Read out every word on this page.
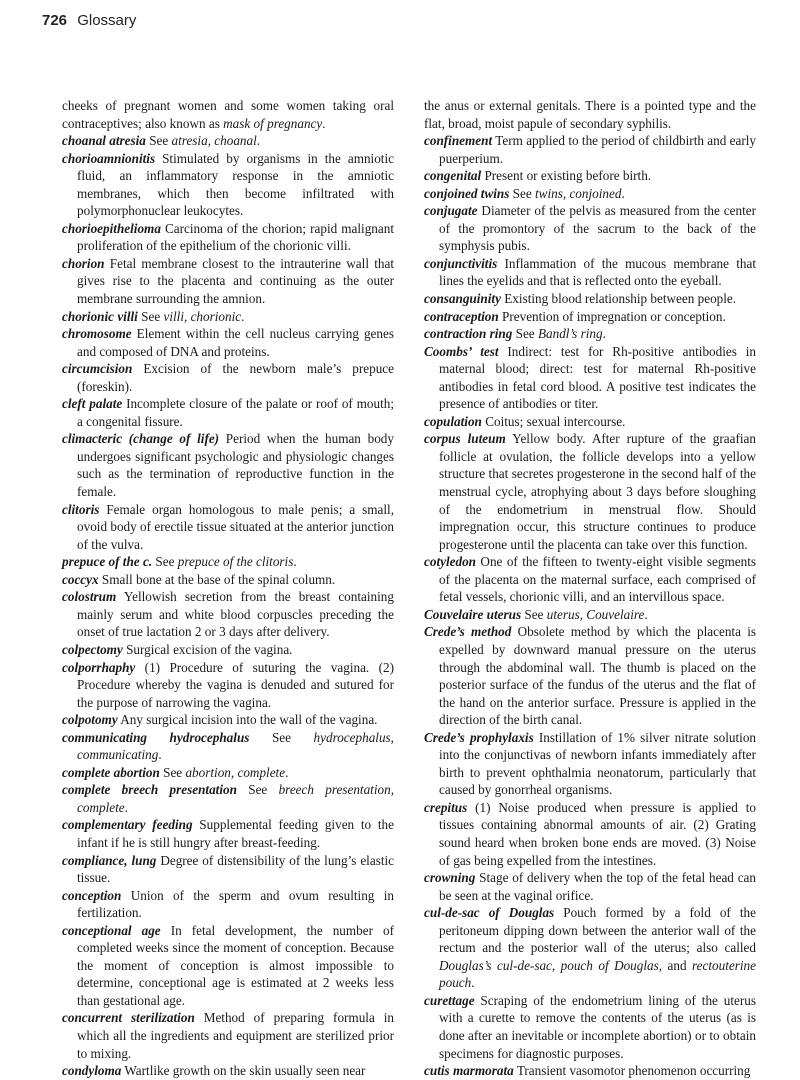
726 Glossary

cheeks of pregnant women and some women taking oral contraceptives; also known as mask of pregnancy.

choanal atresia See atresia, choanal.

chorioamnionitis Stimulated by organisms in the amniotic fluid, an inflammatory response in the amniotic membranes, which then become infiltrated with polymorphonuclear leukocytes.

chorioepithelioma Carcinoma of the chorion; rapid malignant proliferation of the epithelium of the chorionic villi.

chorion Fetal membrane closest to the intrauterine wall that gives rise to the placenta and continuing as the outer membrane surrounding the amnion.

chorionic villi See villi, chorionic.

chromosome Element within the cell nucleus carrying genes and composed of DNA and proteins.

circumcision Excision of the newborn male’s prepuce (foreskin).

cleft palate Incomplete closure of the palate or roof of mouth; a congenital fissure.

climacteric (change of life) Period when the human body undergoes significant psychologic and physiologic changes such as the termination of reproductive function in the female.

clitoris Female organ homologous to male penis; a small, ovoid body of erectile tissue situated at the anterior junction of the vulva.

prepuce of the c. See prepuce of the clitoris.

coccyx Small bone at the base of the spinal column.

colostrum Yellowish secretion from the breast containing mainly serum and white blood corpuscles preceding the onset of true lactation 2 or 3 days after delivery.

colpectomy Surgical excision of the vagina.

colporrhaphy (1) Procedure of suturing the vagina. (2) Procedure whereby the vagina is denuded and sutured for the purpose of narrowing the vagina.

colpotomy Any surgical incision into the wall of the vagina.

communicating hydrocephalus See hydrocephalus, communicating.

complete abortion See abortion, complete.

complete breech presentation See breech presentation, complete.

complementary feeding Supplemental feeding given to the infant if he is still hungry after breast-feeding.

compliance, lung Degree of distensibility of the lung’s elastic tissue.

conception Union of the sperm and ovum resulting in fertilization.

conceptional age In fetal development, the number of completed weeks since the moment of conception. Because the moment of conception is almost impossible to determine, conceptional age is estimated at 2 weeks less than gestational age.

concurrent sterilization Method of preparing formula in which all the ingredients and equipment are sterilized prior to mixing.

condyloma Wartlike growth on the skin usually seen near

the anus or external genitals. There is a pointed type and the flat, broad, moist papule of secondary syphilis.

confinement Term applied to the period of childbirth and early puerperium.

congenital Present or existing before birth.

conjoined twins See twins, conjoined.

conjugate Diameter of the pelvis as measured from the center of the promontory of the sacrum to the back of the symphysis pubis.

conjunctivitis Inflammation of the mucous membrane that lines the eyelids and that is reflected onto the eyeball.

consanguinity Existing blood relationship between people.

contraception Prevention of impregnation or conception.

contraction ring See Bandl’s ring.

Coombs’ test Indirect: test for Rh-positive antibodies in maternal blood; direct: test for maternal Rh-positive antibodies in fetal cord blood. A positive test indicates the presence of antibodies or titer.

copulation Coitus; sexual intercourse.

corpus luteum Yellow body. After rupture of the graafian follicle at ovulation, the follicle develops into a yellow structure that secretes progesterone in the second half of the menstrual cycle, atrophying about 3 days before sloughing of the endometrium in menstrual flow. Should impregnation occur, this structure continues to produce progesterone until the placenta can take over this function.

cotyledon One of the fifteen to twenty-eight visible segments of the placenta on the maternal surface, each comprised of fetal vessels, chorionic villi, and an intervillous space.

Couvelaire uterus See uterus, Couvelaire.

Crede’s method Obsolete method by which the placenta is expelled by downward manual pressure on the uterus through the abdominal wall. The thumb is placed on the posterior surface of the fundus of the uterus and the flat of the hand on the anterior surface. Pressure is applied in the direction of the birth canal.

Crede’s prophylaxis Instillation of 1% silver nitrate solution into the conjunctivas of newborn infants immediately after birth to prevent ophthalmia neonatorum, particularly that caused by gonorrheal organisms.

crepitus (1) Noise produced when pressure is applied to tissues containing abnormal amounts of air. (2) Grating sound heard when broken bone ends are moved. (3) Noise of gas being expelled from the intestines.

crowning Stage of delivery when the top of the fetal head can be seen at the vaginal orifice.

cul-de-sac of Douglas Pouch formed by a fold of the peritoneum dipping down between the anterior wall of the rectum and the posterior wall of the uterus; also called Douglas’s cul-de-sac, pouch of Douglas, and rectouterine pouch.

curettage Scraping of the endometrium lining of the uterus with a curette to remove the contents of the uterus (as is done after an inevitable or incomplete abortion) or to obtain specimens for diagnostic purposes.

cutis marmorata Transient vasomotor phenomenon occurring
